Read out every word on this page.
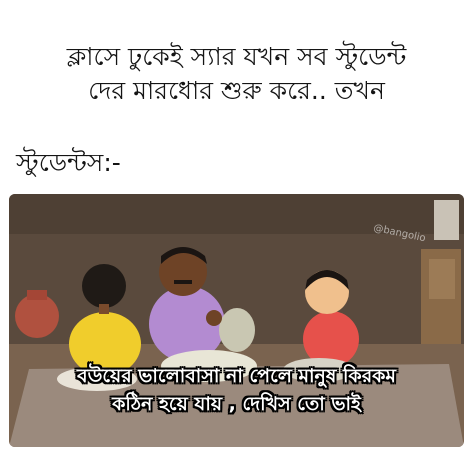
ক্লাসে ঢুকেই স্যার যখন সব স্টুডেন্ট
দের মারধোর শুরু করে.. তখন
স্টুডেন্টস:-
@bangolio
বউয়ের ভালোবাসা না পেলে মানুষ কিরকম
কঠিন হয়ে যায় , দেখিস তো ভাই
